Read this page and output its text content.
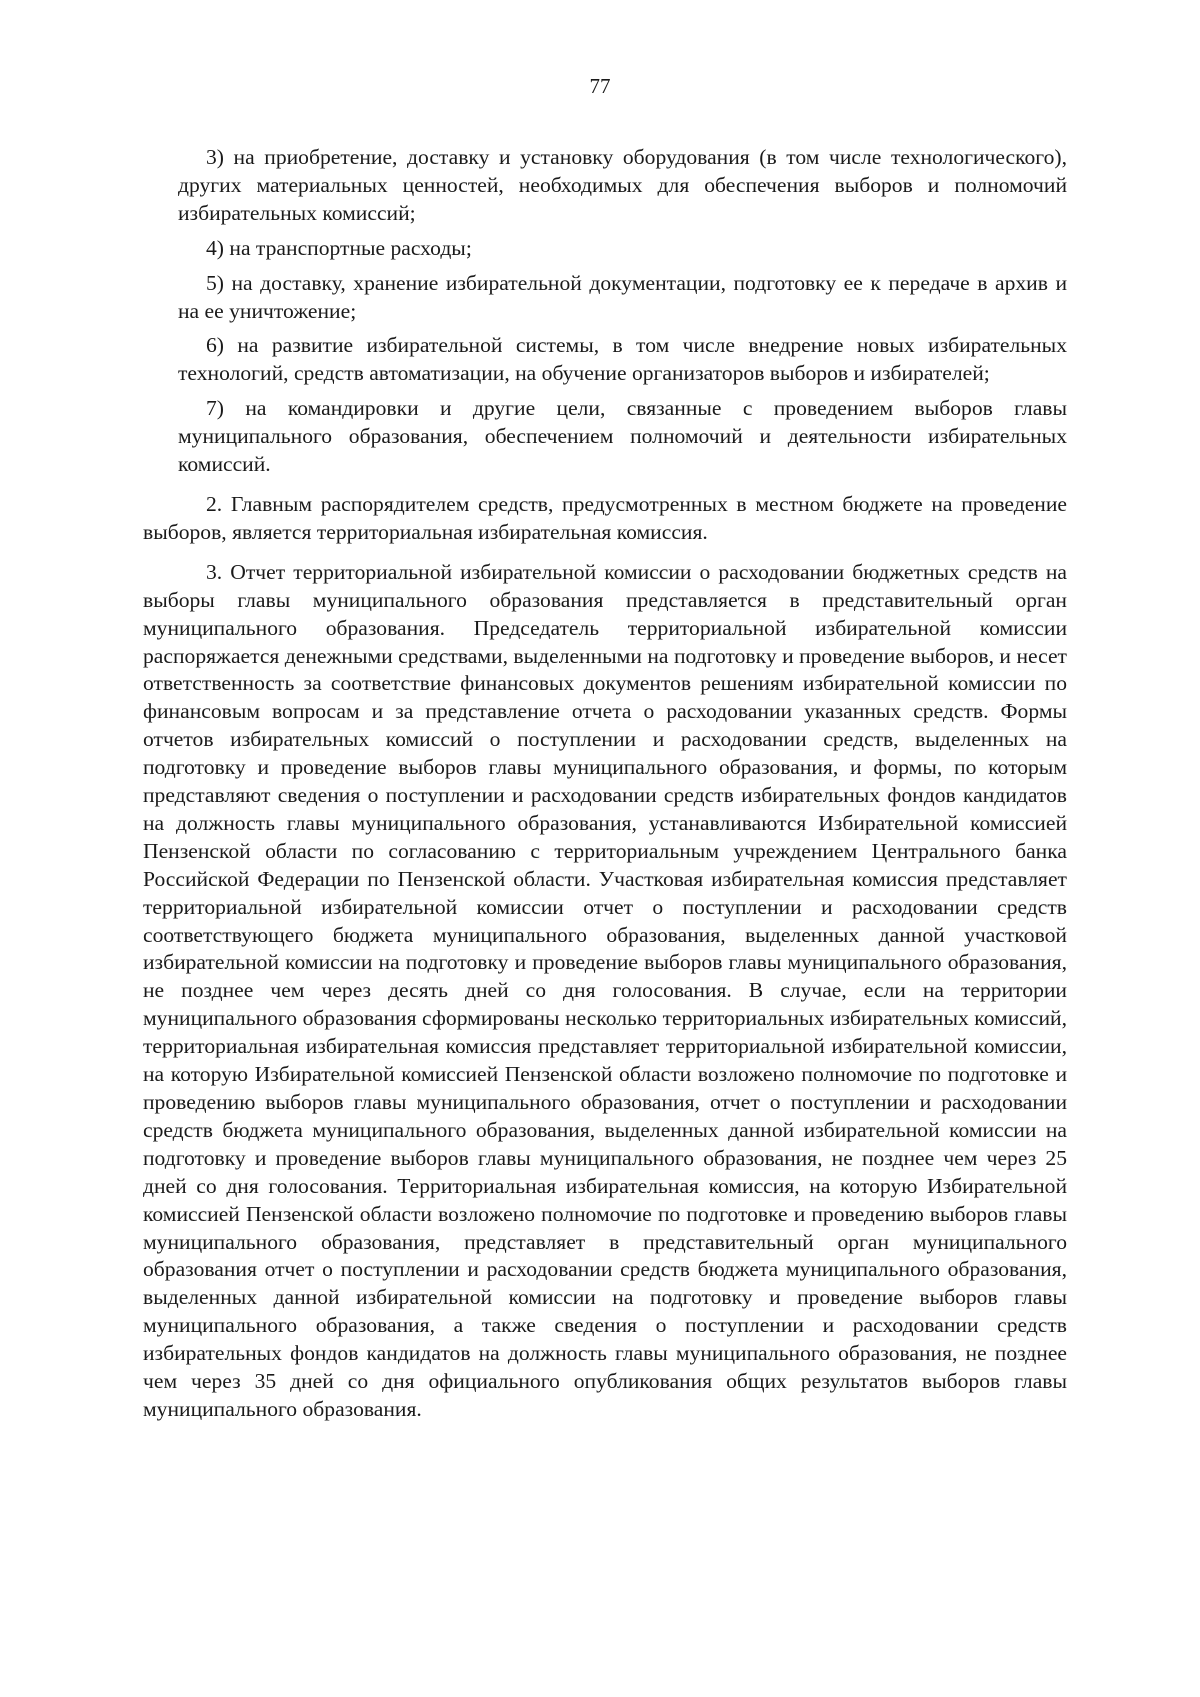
77

3) на приобретение, доставку и установку оборудования (в том числе технологического), других материальных ценностей, необходимых для обеспечения выборов и полномочий избирательных комиссий;

4) на транспортные расходы;

5) на доставку, хранение избирательной документации, подготовку ее к передаче в архив и на ее уничтожение;

6) на развитие избирательной системы, в том числе внедрение новых избирательных технологий, средств автоматизации, на обучение организаторов выборов и избирателей;

7) на командировки и другие цели, связанные с проведением выборов главы муниципального образования, обеспечением полномочий и деятельности избирательных комиссий.

2. Главным распорядителем средств, предусмотренных в местном бюджете на проведение выборов, является территориальная избирательная комиссия.

3. Отчет территориальной избирательной комиссии о расходовании бюджетных средств на выборы главы муниципального образования представляется в представительный орган муниципального образования. Председатель территориальной избирательной комиссии распоряжается денежными средствами, выделенными на подготовку и проведение выборов, и несет ответственность за соответствие финансовых документов решениям избирательной комиссии по финансовым вопросам и за представление отчета о расходовании указанных средств. Формы отчетов избирательных комиссий о поступлении и расходовании средств, выделенных на подготовку и проведение выборов главы муниципального образования, и формы, по которым представляют сведения о поступлении и расходовании средств избирательных фондов кандидатов на должность главы муниципального образования, устанавливаются Избирательной комиссией Пензенской области по согласованию с территориальным учреждением Центрального банка Российской Федерации по Пензенской области. Участковая избирательная комиссия представляет территориальной избирательной комиссии отчет о поступлении и расходовании средств соответствующего бюджета муниципального образования, выделенных данной участковой избирательной комиссии на подготовку и проведение выборов главы муниципального образования, не позднее чем через десять дней со дня голосования. В случае, если на территории муниципального образования сформированы несколько территориальных избирательных комиссий, территориальная избирательная комиссия представляет территориальной избирательной комиссии, на которую Избирательной комиссией Пензенской области возложено полномочие по подготовке и проведению выборов главы муниципального образования, отчет о поступлении и расходовании средств бюджета муниципального образования, выделенных данной избирательной комиссии на подготовку и проведение выборов главы муниципального образования, не позднее чем через 25 дней со дня голосования. Территориальная избирательная комиссия, на которую Избирательной комиссией Пензенской области возложено полномочие по подготовке и проведению выборов главы муниципального образования, представляет в представительный орган муниципального образования отчет о поступлении и расходовании средств бюджета муниципального образования, выделенных данной избирательной комиссии на подготовку и проведение выборов главы муниципального образования, а также сведения о поступлении и расходовании средств избирательных фондов кандидатов на должность главы муниципального образования, не позднее чем через 35 дней со дня официального опубликования общих результатов выборов главы муниципального образования.
